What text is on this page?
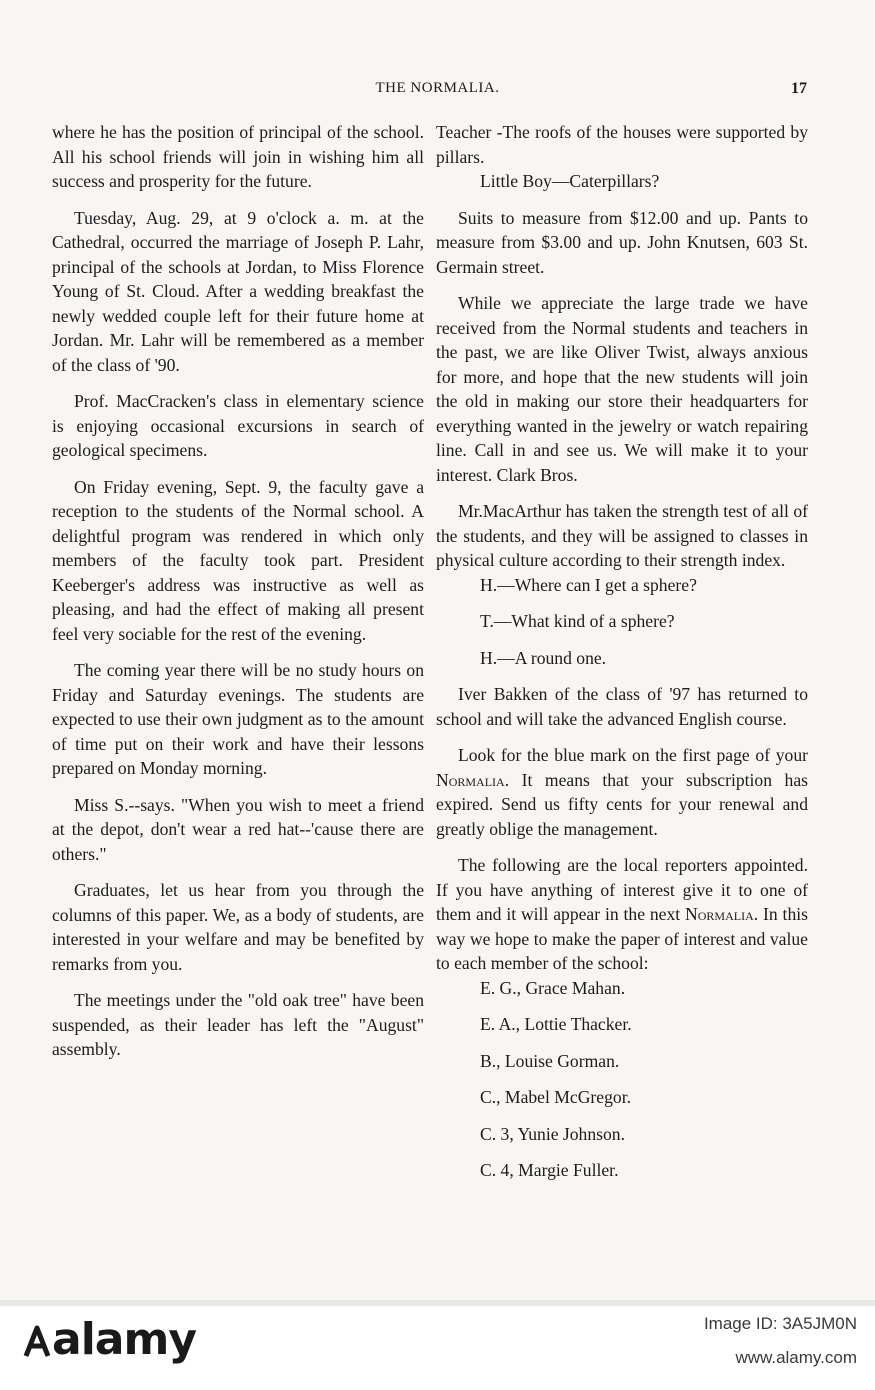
THE NORMALIA.	17

where he has the position of principal of the school. All his school friends will join in wishing him all success and prosperity for the future.

Tuesday, Aug. 29, at 9 o'clock a. m. at the Cathedral, occurred the marriage of Joseph P. Lahr, principal of the schools at Jordan, to Miss Florence Young of St. Cloud. After a wedding breakfast the newly wedded couple left for their future home at Jordan. Mr. Lahr will be remembered as a member of the class of '90.

Prof. MacCracken's class in elementary science is enjoying occasional excursions in search of geological specimens.

On Friday evening, Sept. 9, the faculty gave a reception to the students of the Normal school. A delightful program was rendered in which only members of the faculty took part. President Keeberger's address was instructive as well as pleasing, and had the effect of making all present feel very sociable for the rest of the evening.

The coming year there will be no study hours on Friday and Saturday evenings. The students are expected to use their own judgment as to the amount of time put on their work and have their lessons prepared on Monday morning.

Miss S.--says. "When you wish to meet a friend at the depot, don't wear a red hat--'cause there are others."

Graduates, let us hear from you through the columns of this paper. We, as a body of students, are interested in your welfare and may be benefited by remarks from you.

The meetings under the "old oak tree" have been suspended, as their leader has left the "August" assembly.

Teacher -The roofs of the houses were supported by pillars.

Little Boy—Caterpillars?

Suits to measure from $12.00 and up. Pants to measure from $3.00 and up. John Knutsen, 603 St. Germain street.

While we appreciate the large trade we have received from the Normal students and teachers in the past, we are like Oliver Twist, always anxious for more, and hope that the new students will join the old in making our store their headquarters for everything wanted in the jewelry or watch repairing line. Call in and see us. We will make it to your interest. Clark Bros.

Mr.MacArthur has taken the strength test of all of the students, and they will be assigned to classes in physical culture according to their strength index.

H.—Where can I get a sphere?

T.—What kind of a sphere?

H.—A round one.

Iver Bakken of the class of '97 has returned to school and will take the advanced English course.

Look for the blue mark on the first page of your Normalia. It means that your subscription has expired. Send us fifty cents for your renewal and greatly oblige the management.

The following are the local reporters appointed. If you have anything of interest give it to one of them and it will appear in the next Normalia. In this way we hope to make the paper of interest and value to each member of the school:

E. G., Grace Mahan.

E. A., Lottie Thacker.

B., Louise Gorman.

C., Mabel McGregor.

C. 3, Yunie Johnson.

C. 4, Margie Fuller.

alamy	Image ID: 3A5JM0N
www.alamy.com
